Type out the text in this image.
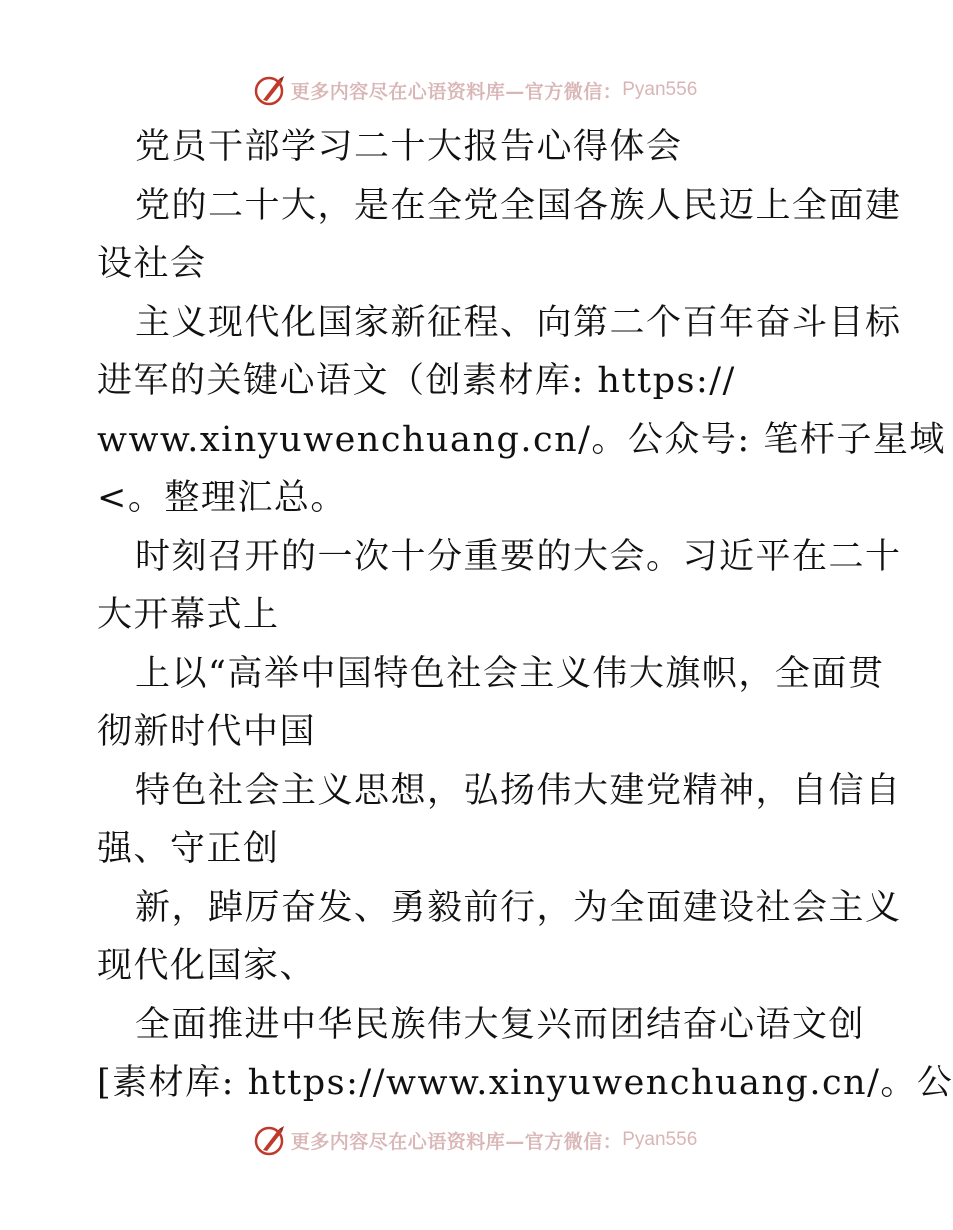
更多内容尽在心语资料库—官方微信： Pyan556
党员干部学习二十大报告心得体会
党的二十大，是在全党全国各族人民迈上全面建
设社会
主义现代化国家新征程、向第二个百年奋斗目标
进军的关键心语文（创素材库: https://
www.xinyuwenchuang.cn/。公众号: 笔杆子星域
<。整理汇总。
时刻召开的一次十分重要的大会。习近平在二十
大开幕式上
上以“高举中国特色社会主义伟大旗帜，全面贯
彻新时代中国
特色社会主义思想，弘扬伟大建党精神，自信自
强、守正创
新，踔厉奋发、勇毅前行，为全面建设社会主义
现代化国家、
全面推进中华民族伟大复兴而团结奋心语文创
[素材库: https://www.xinyuwenchuang.cn/。公
更多内容尽在心语资料库—官方微信： Pyan556
